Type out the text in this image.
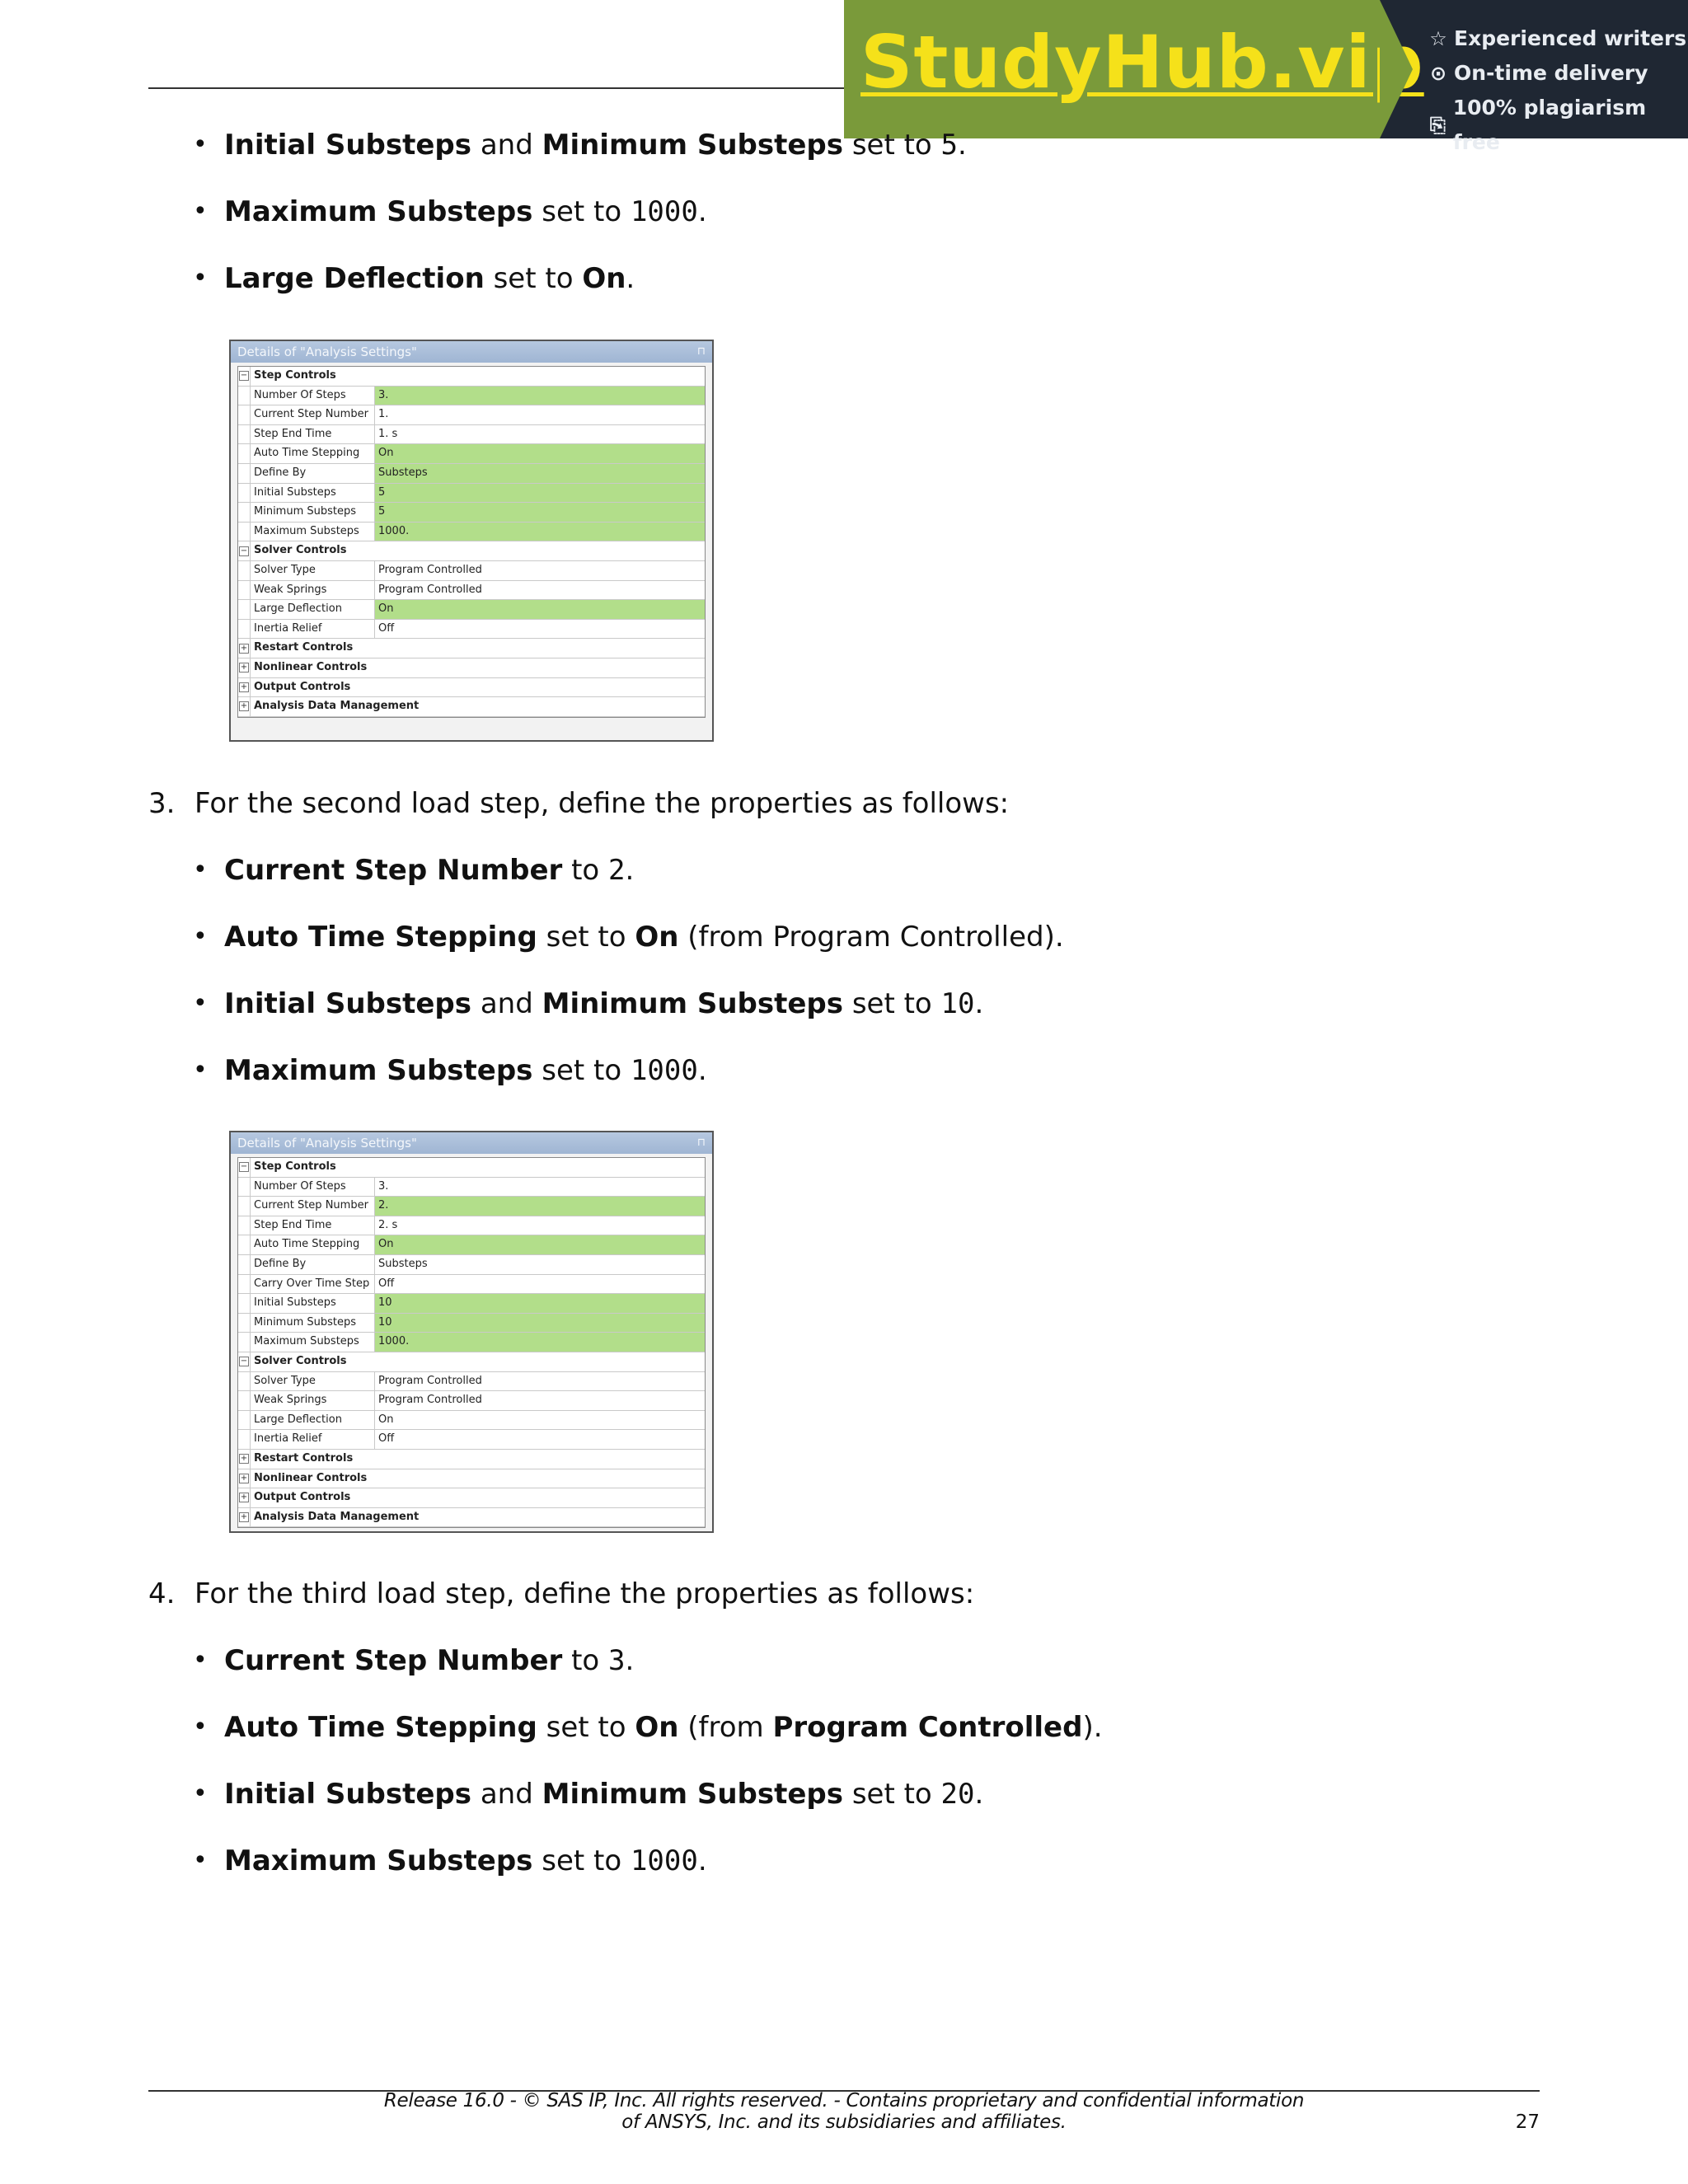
StudyHub.vip ☆ Experienced writers
⊙ On-time delivery
⎘
100% plagiarism free
• Initial Substeps and Minimum Substeps set to 5.
• Maximum Substeps set to 1000.
• Large Deflection set to On.
Details of "Analysis Settings"	⊓
− Step Controls
Number Of Steps	3.
Current Step Number 1.
Step End Time	1. s
Auto Time Stepping	On
Define By	Substeps
Initial Substeps	5
Minimum Substeps	5
Maximum Substeps	1000.
− Solver Controls
Solver Type	Program Controlled
Weak Springs	Program Controlled
Large Deflection	On
Inertia Relief	Off
+ Restart Controls
+ Nonlinear Controls
+ Output Controls
+ Analysis Data Management
3. For the second load step, define the properties as follows:
• Current Step Number to 2.
• Auto Time Stepping set to On (from Program Controlled).
• Initial Substeps and Minimum Substeps set to 10.
• Maximum Substeps set to 1000.
Details of "Analysis Settings"	⊓
− Step Controls
Number Of Steps	3.
Current Step Number 2.
Step End Time	2. s
Auto Time Stepping	On
Define By	Substeps
Carry Over Time Step Off
Initial Substeps	10
Minimum Substeps	10
Maximum Substeps	1000.
− Solver Controls
Solver Type	Program Controlled
Weak Springs	Program Controlled
Large Deflection	On
Inertia Relief	Off
+ Restart Controls
+ Nonlinear Controls
+ Output Controls
+ Analysis Data Management
4. For the third load step, define the properties as follows:
• Current Step Number to 3.
• Auto Time Stepping set to On (from Program Controlled).
• Initial Substeps and Minimum Substeps set to 20.
• Maximum Substeps set to 1000.
Release 16.0 - © SAS IP, Inc. All rights reserved. - Contains proprietary and confidential information
of ANSYS, Inc. and its subsidiaries and affiliates.	27
